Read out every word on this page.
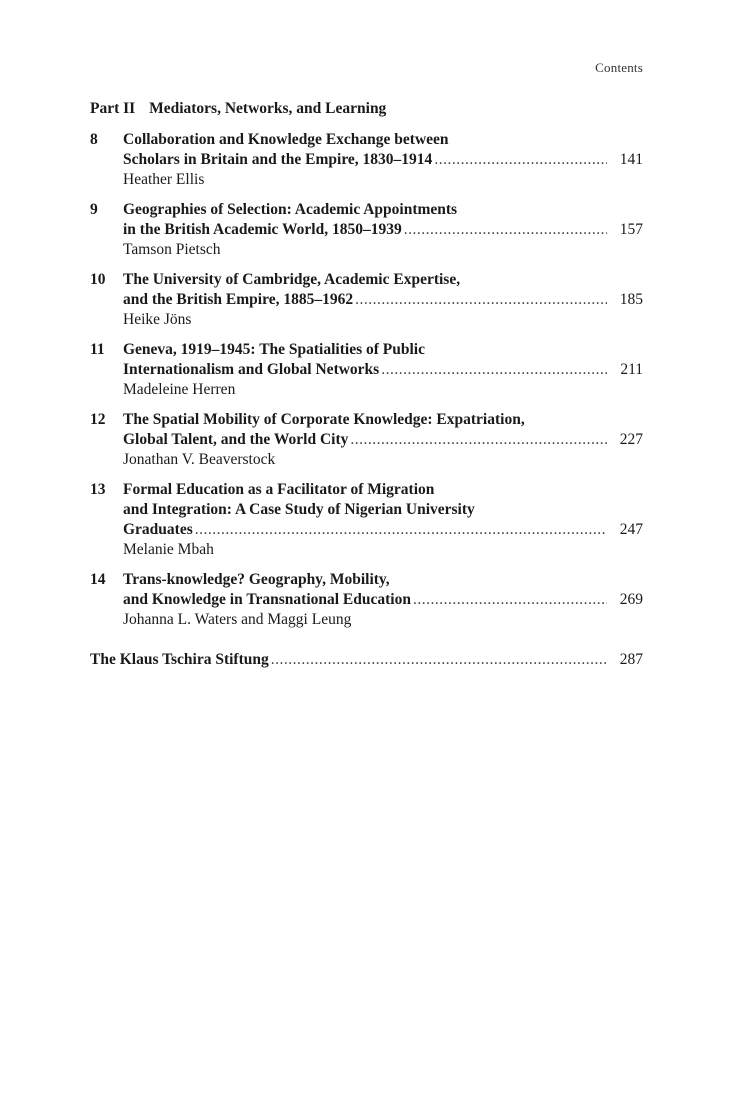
Contents
Part II Mediators, Networks, and Learning
8 Collaboration and Knowledge Exchange between
Scholars in Britain and the Empire, 1830–1914 .....	141
Heather Ellis
9 Geographies of Selection: Academic Appointments
in the British Academic World, 1850–1939 .....	157
Tamson Pietsch
10 The University of Cambridge, Academic Expertise,
and the British Empire, 1885–1962 .....	185
Heike Jöns
11 Geneva, 1919–1945: The Spatialities of Public
Internationalism and Global Networks .....	211
Madeleine Herren
12 The Spatial Mobility of Corporate Knowledge: Expatriation,
Global Talent, and the World City .....	227
Jonathan V. Beaverstock
13 Formal Education as a Facilitator of Migration
and Integration: A Case Study of Nigerian University
Graduates .....	247
Melanie Mbah
14 Trans-knowledge? Geography, Mobility,
and Knowledge in Transnational Education .....	269
Johanna L. Waters and Maggi Leung
The Klaus Tschira Stiftung .....	287
